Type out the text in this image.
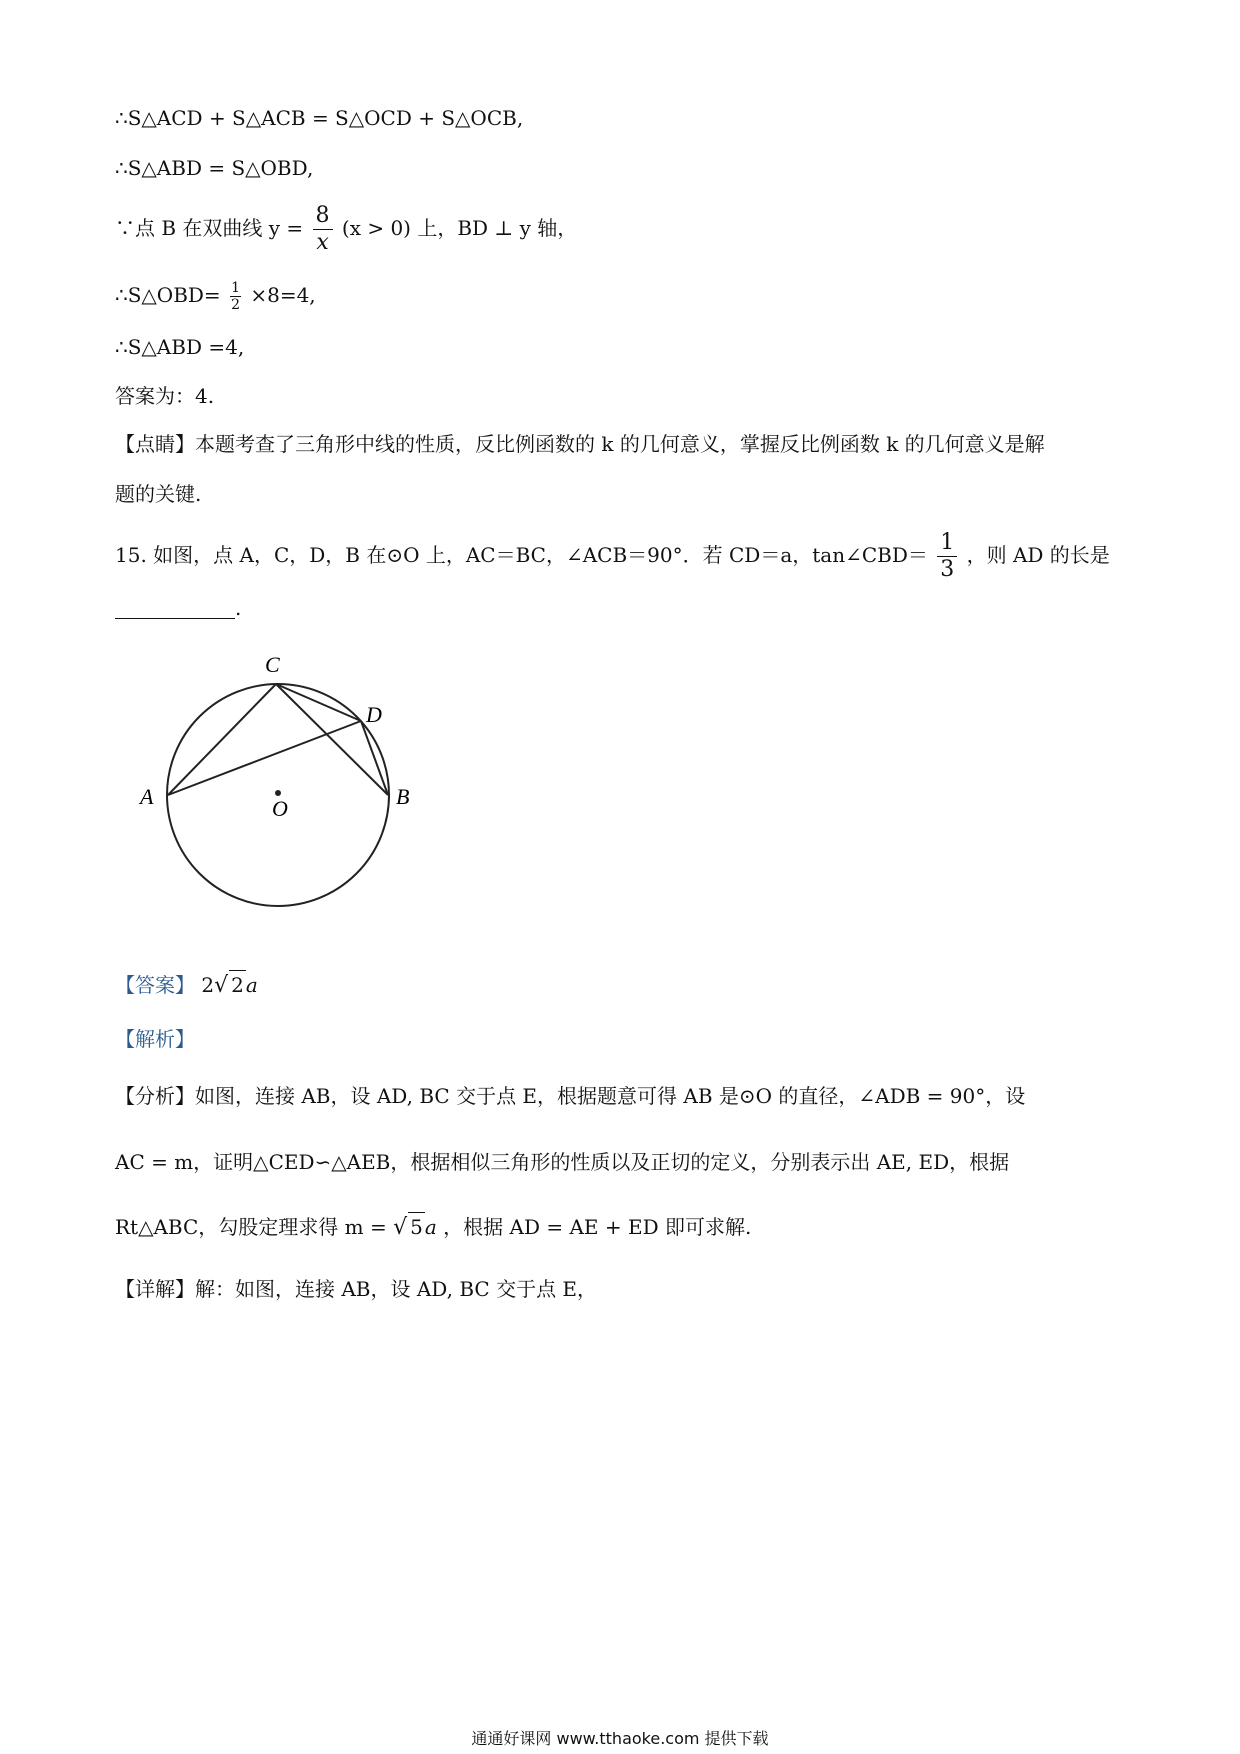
∴S△ACD + S△ACB = S△OCD + S△OCB,
∴S△ABD = S△OBD,
∵点 B 在双曲线 $y = \frac{8}{x} (x > 0)$ 上，BD ⊥ y 轴，
∴S△OBD= $\frac{1}{2} \times 8=4$,
∴S△ABD =4,
答案为：4.
【点睛】本题考查了三角形中线的性质，反比例函数的 k 的几何意义，掌握反比例函数 k 的几何意义是解
题的关键.
15. 如图，点 A，C，D，B 在⊙O 上，AC＝BC，∠ACB＝90°．若 CD＝a，tan∠CBD＝ $\frac{1}{3}$ ，则 AD 的长是
.
C
D
A	B
O
【答案】 2√ 2 a
【解析】
【分析】如图，连接 AB，设 AD, BC 交于点 E，根据题意可得 AB 是⊙O 的直径，∠ADB = 90°，设
AC = m，证明△CED∽△AEB，根据相似三角形的性质以及正切的定义，分别表示出 AE, ED，根据
Rt△ABC，勾股定理求得 m = √ 5 a ，根据 AD = AE + ED 即可求解.
【详解】解：如图，连接 AB，设 AD, BC 交于点 E，
通通好课网 www.tthaoke.com 提供下载
